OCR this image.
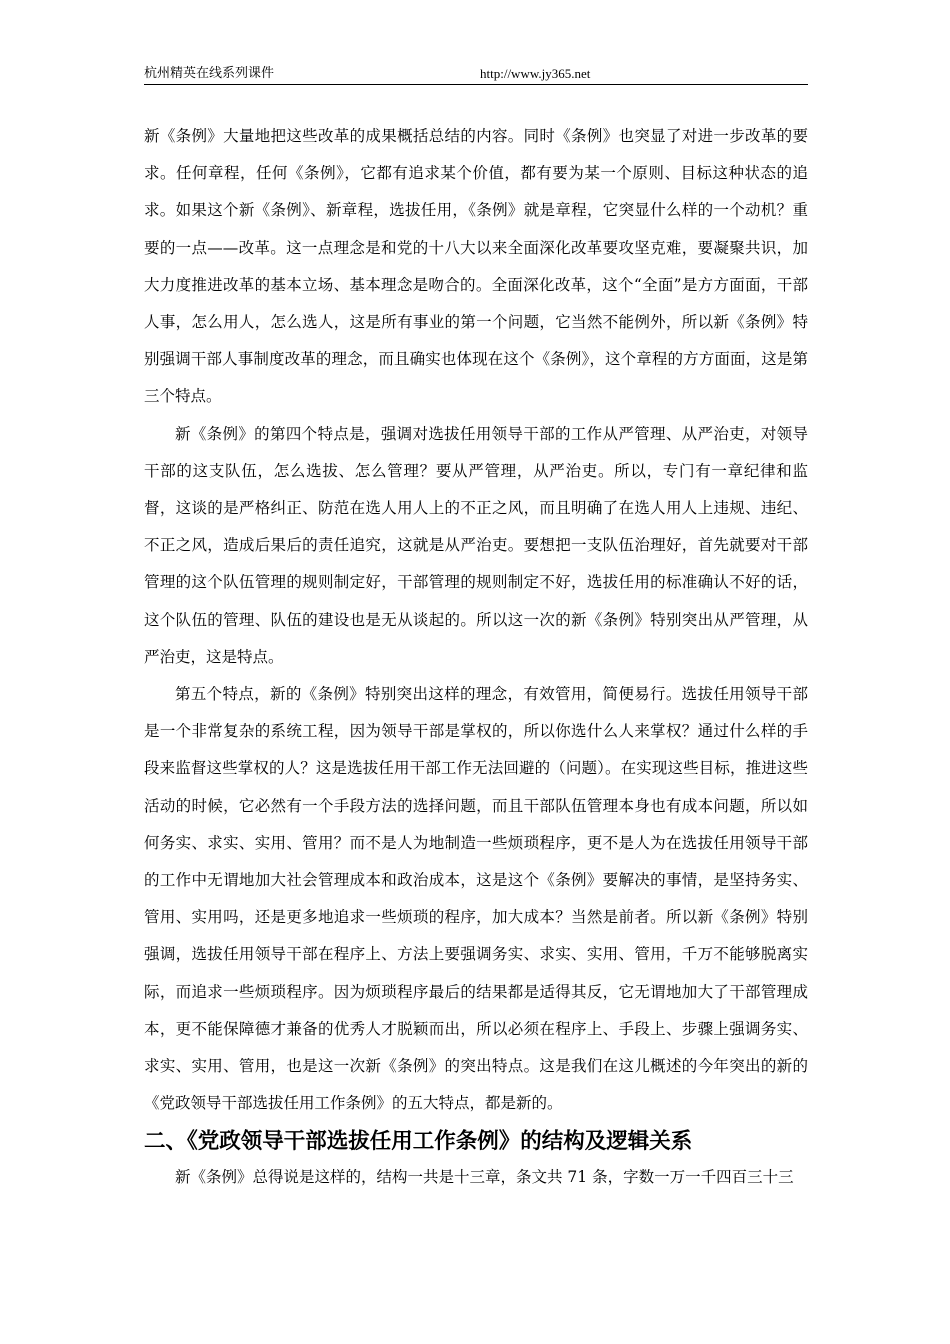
杭州精英在线系列课件	http://www.jy365.net

新《条例》大量地把这些改革的成果概括总结的内容。同时《条例》也突显了对进一步改革的要求。任何章程，任何《条例》，它都有追求某个价值，都有要为某一个原则、目标这种状态的追求。如果这个新《条例》、新章程，选拔任用，《条例》就是章程，它突显什么样的一个动机？重要的一点——改革。这一点理念是和党的十八大以来全面深化改革要攻坚克难，要凝聚共识，加大力度推进改革的基本立场、基本理念是吻合的。全面深化改革，这个“全面”是方方面面，干部人事，怎么用人，怎么选人，这是所有事业的第一个问题，它当然不能例外，所以新《条例》特别强调干部人事制度改革的理念，而且确实也体现在这个《条例》，这个章程的方方面面，这是第三个特点。

新《条例》的第四个特点是，强调对选拔任用领导干部的工作从严管理、从严治吏，对领导干部的这支队伍，怎么选拔、怎么管理？要从严管理，从严治吏。所以，专门有一章纪律和监督，这谈的是严格纠正、防范在选人用人上的不正之风，而且明确了在选人用人上违规、违纪、不正之风，造成后果后的责任追究，这就是从严治吏。要想把一支队伍治理好，首先就要对干部管理的这个队伍管理的规则制定好，干部管理的规则制定不好，选拔任用的标准确认不好的话，这个队伍的管理、队伍的建设也是无从谈起的。所以这一次的新《条例》特别突出从严管理，从严治吏，这是特点。

第五个特点，新的《条例》特别突出这样的理念，有效管用，简便易行。选拔任用领导干部是一个非常复杂的系统工程，因为领导干部是掌权的，所以你选什么人来掌权？通过什么样的手段来监督这些掌权的人？这是选拔任用干部工作无法回避的（问题）。在实现这些目标，推进这些活动的时候，它必然有一个手段方法的选择问题，而且干部队伍管理本身也有成本问题，所以如何务实、求实、实用、管用？而不是人为地制造一些烦琐程序，更不是人为在选拔任用领导干部的工作中无谓地加大社会管理成本和政治成本，这是这个《条例》要解决的事情，是坚持务实、管用、实用吗，还是更多地追求一些烦琐的程序，加大成本？当然是前者。所以新《条例》特别强调，选拔任用领导干部在程序上、方法上要强调务实、求实、实用、管用，千万不能够脱离实际，而追求一些烦琐程序。因为烦琐程序最后的结果都是适得其反，它无谓地加大了干部管理成本，更不能保障德才兼备的优秀人才脱颖而出，所以必须在程序上、手段上、步骤上强调务实、求实、实用、管用，也是这一次新《条例》的突出特点。这是我们在这儿概述的今年突出的新的《党政领导干部选拔任用工作条例》的五大特点，都是新的。

二、《党政领导干部选拔任用工作条例》的结构及逻辑关系

新《条例》总得说是这样的，结构一共是十三章，条文共 71 条，字数一万一千四百三十三
